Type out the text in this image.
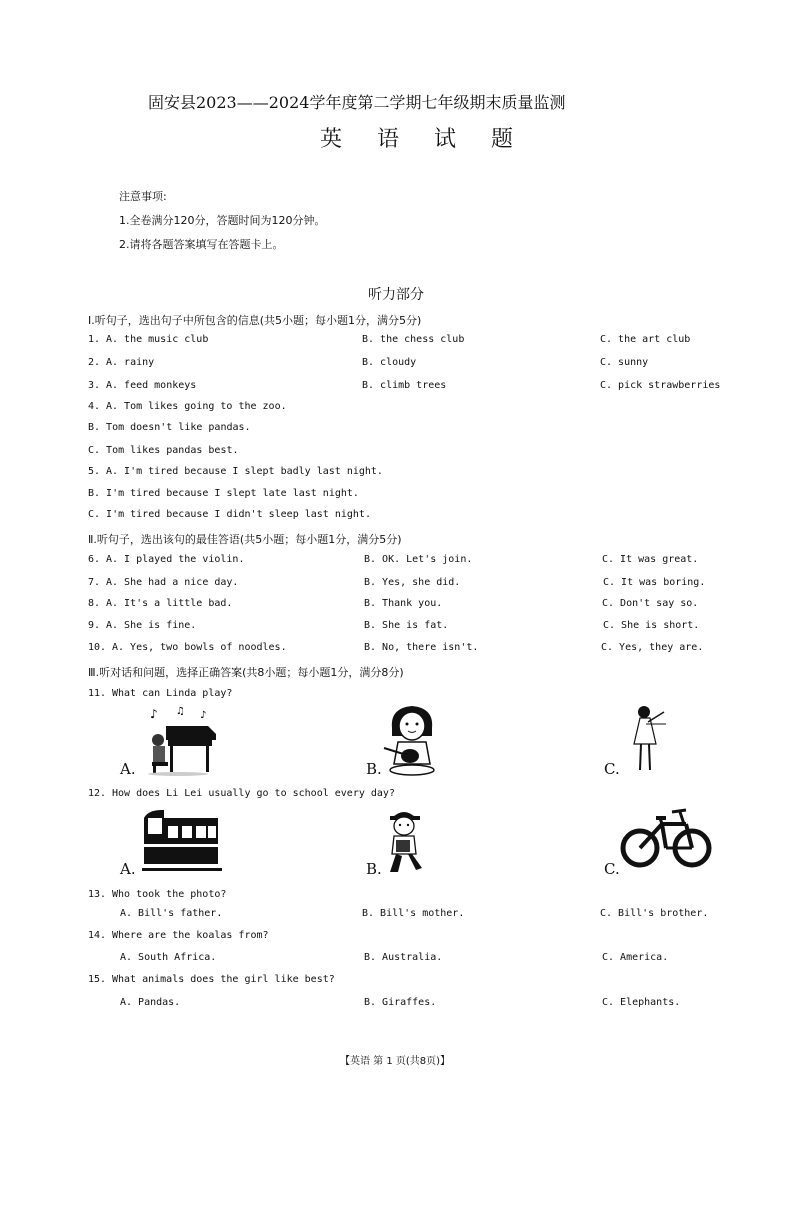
固安县2023——2024学年度第二学期七年级期末质量监测
英 语 试 题
注意事项:
1.全卷满分120分，答题时间为120分钟。
2.请将各题答案填写在答题卡上。
听力部分
Ⅰ.听句子，选出句子中所包含的信息(共5小题；每小题1分，满分5分)
1. A. the music club	B. the chess club	C. the art club
2. A. rainy	B. cloudy	C. sunny
3. A. feed monkeys	B. climb trees	C. pick strawberries
4. A. Tom likes going to the zoo.
B. Tom doesn't like pandas.
C. Tom likes pandas best.
5. A. I'm tired because I slept badly last night.
B. I'm tired because I slept late last night.
C. I'm tired because I didn't sleep last night.
Ⅱ.听句子，选出该句的最佳答语(共5小题；每小题1分，满分5分)
6. A. I played the violin.	B. OK. Let's join.	C. It was great.
7. A. She had a nice day.	B. Yes, she did.	C. It was boring.
8. A. It's a little bad.	B. Thank you.	C. Don't say so.
9. A. She is fine.	B. She is fat.	C. She is short.
10. A. Yes, two bowls of noodles.	B. No, there isn't.	C. Yes, they are.
Ⅲ.听对话和问题，选择正确答案(共8小题；每小题1分，满分8分)
11. What can Linda play?
A.
♪ ♫ ♪
B.	C.
12. How does Li Lei usually go to school every day?
A.	B.	C.
13. Who took the photo?
A. Bill's father.	B. Bill's mother.	C. Bill's brother.
14. Where are the koalas from?
A. South Africa.	B. Australia.	C. America.
15. What animals does the girl like best?
A. Pandas.	B. Giraffes.	C. Elephants.
【英语 第 1 页(共8页)】
